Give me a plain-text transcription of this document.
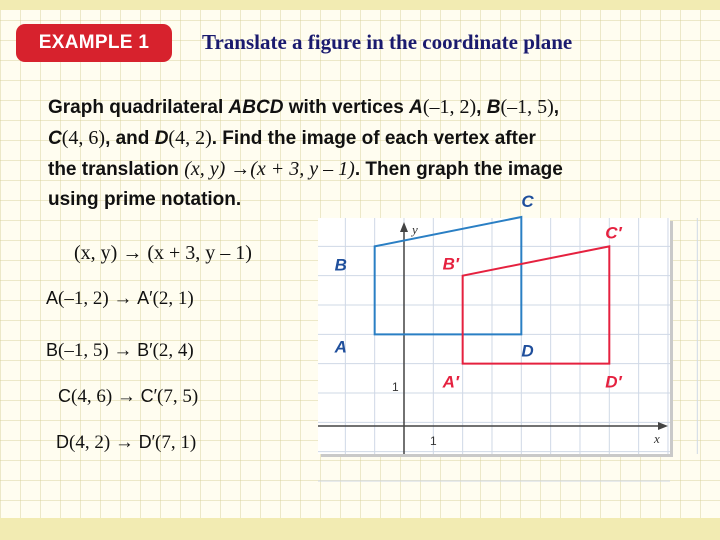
EXAMPLE 1	Translate a figure in the coordinate plane
Graph quadrilateral ABCD with vertices A(–1, 2), B(–1, 5),
C(4, 6), and D(4, 2). Find the image of each vertex after
the translation (x, y) →(x + 3, y – 1). Then graph the image
using prime notation.
(x, y) → (x + 3, y – 1)
A(–1, 2) → A′(2, 1)
B(–1, 5) → B′(2, 4)
C(4, 6) → C′(7, 5)
D(4, 2) → D′(7, 1)	x
y
1
1
A
B
C
D
A′
B′
C′
D′
